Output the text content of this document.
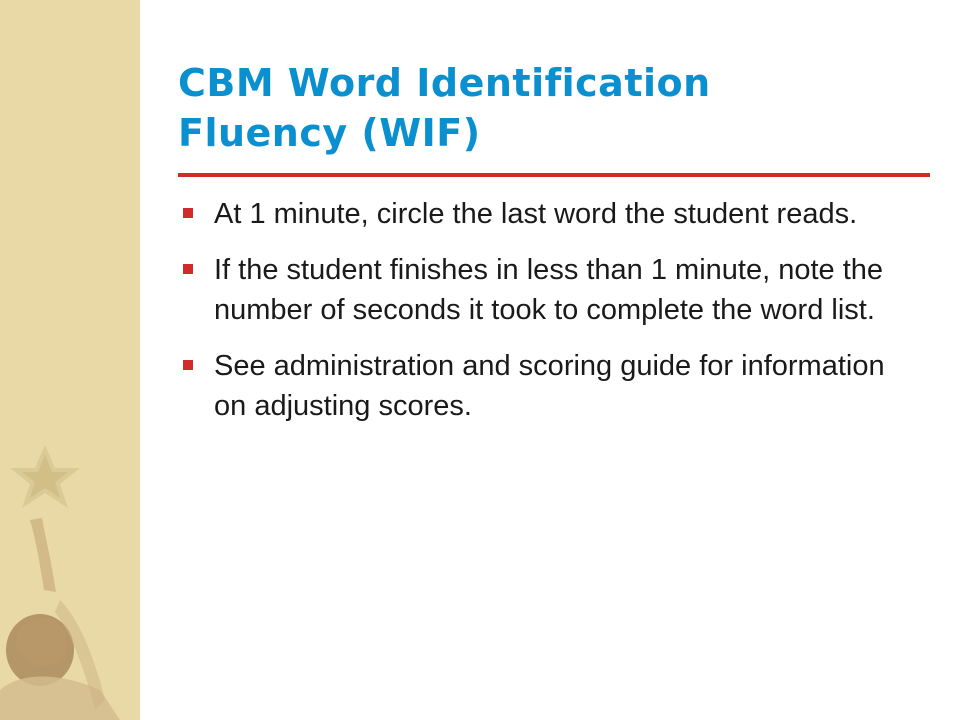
CBM Word Identification
Fluency (WIF)
At 1 minute, circle the last word the student reads.
If the student finishes in less than 1 minute, note the number of seconds it took to complete the word list.
See administration and scoring guide for information on adjusting scores.
